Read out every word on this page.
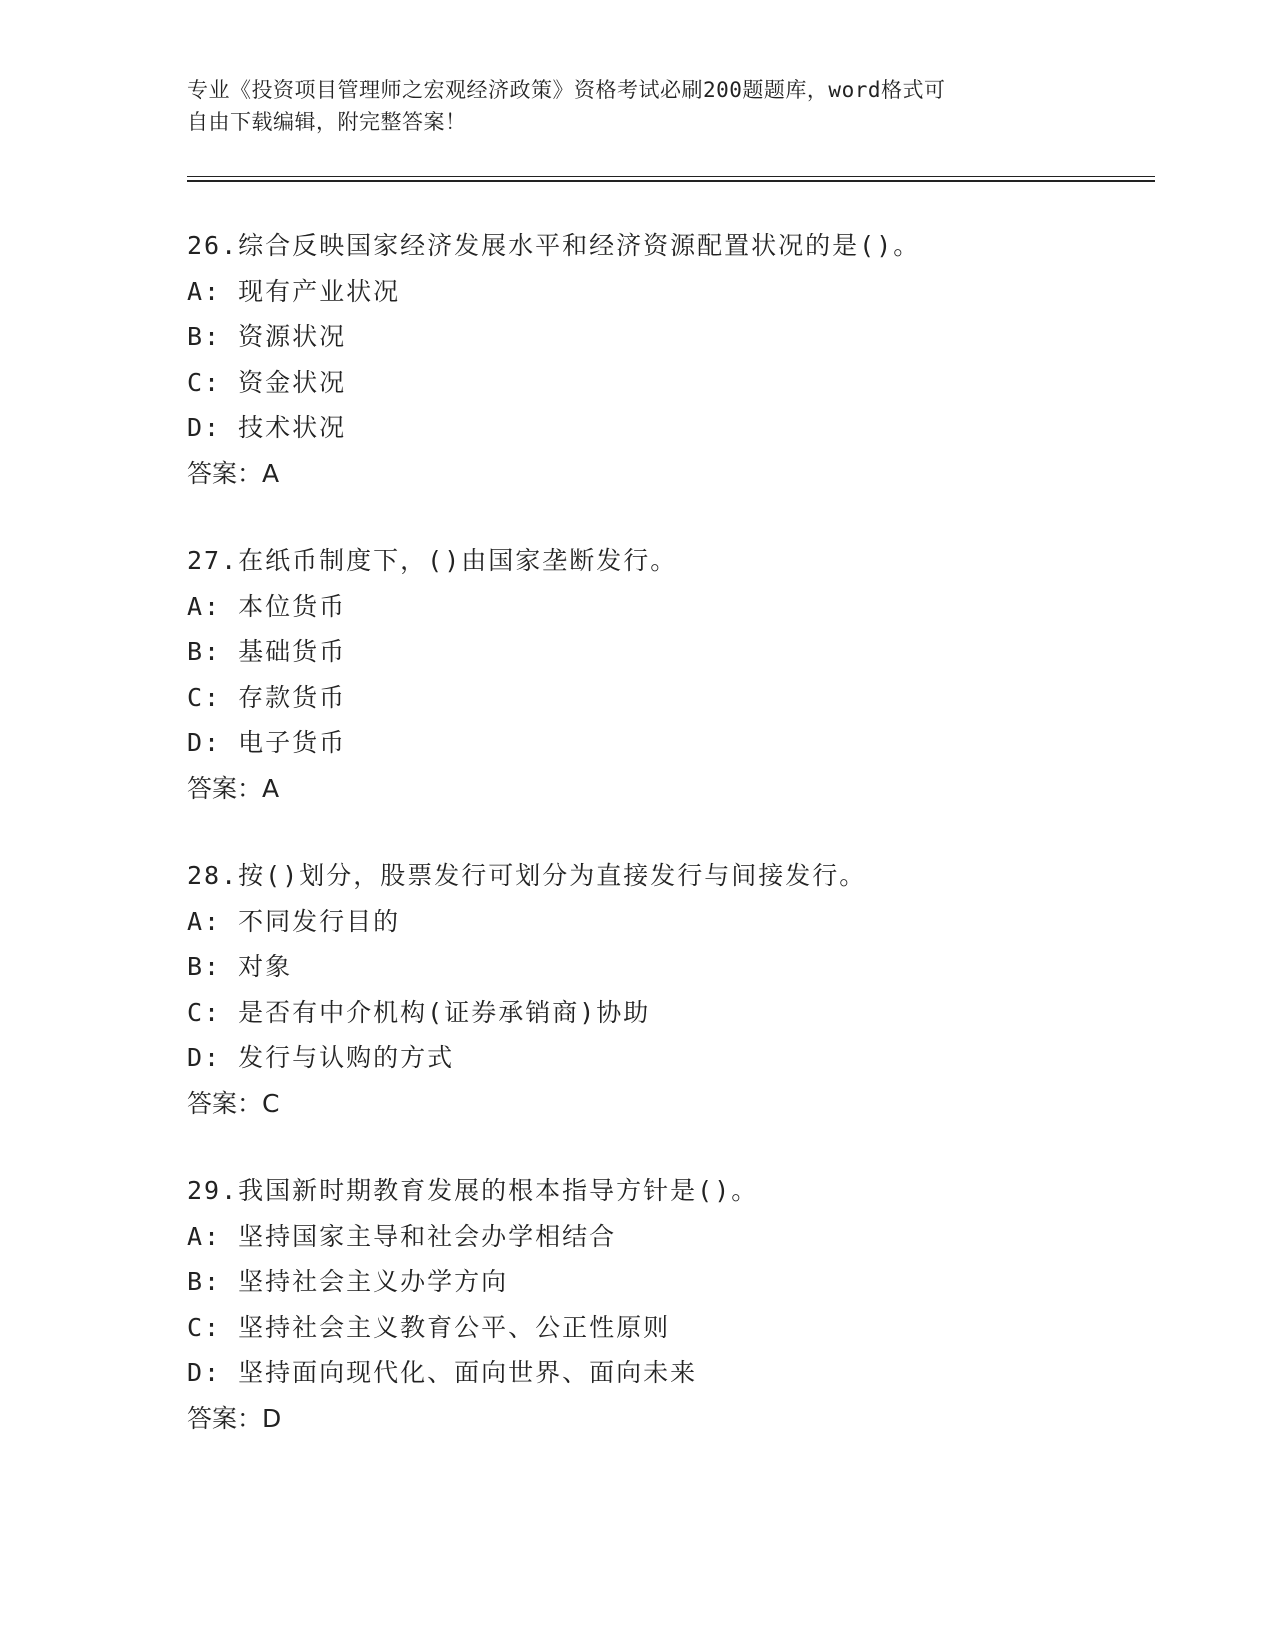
专业《投资项目管理师之宏观经济政策》资格考试必刷200题题库，word格式可
自由下载编辑，附完整答案！
26.综合反映国家经济发展水平和经济资源配置状况的是()。
A: 现有产业状况
B: 资源状况
C: 资金状况
D: 技术状况
答案：A
27.在纸币制度下，()由国家垄断发行。
A: 本位货币
B: 基础货币
C: 存款货币
D: 电子货币
答案：A
28.按()划分，股票发行可划分为直接发行与间接发行。
A: 不同发行目的
B: 对象
C: 是否有中介机构(证券承销商)协助
D: 发行与认购的方式
答案：C
29.我国新时期教育发展的根本指导方针是()。
A: 坚持国家主导和社会办学相结合
B: 坚持社会主义办学方向
C: 坚持社会主义教育公平、公正性原则
D: 坚持面向现代化、面向世界、面向未来
答案：D
